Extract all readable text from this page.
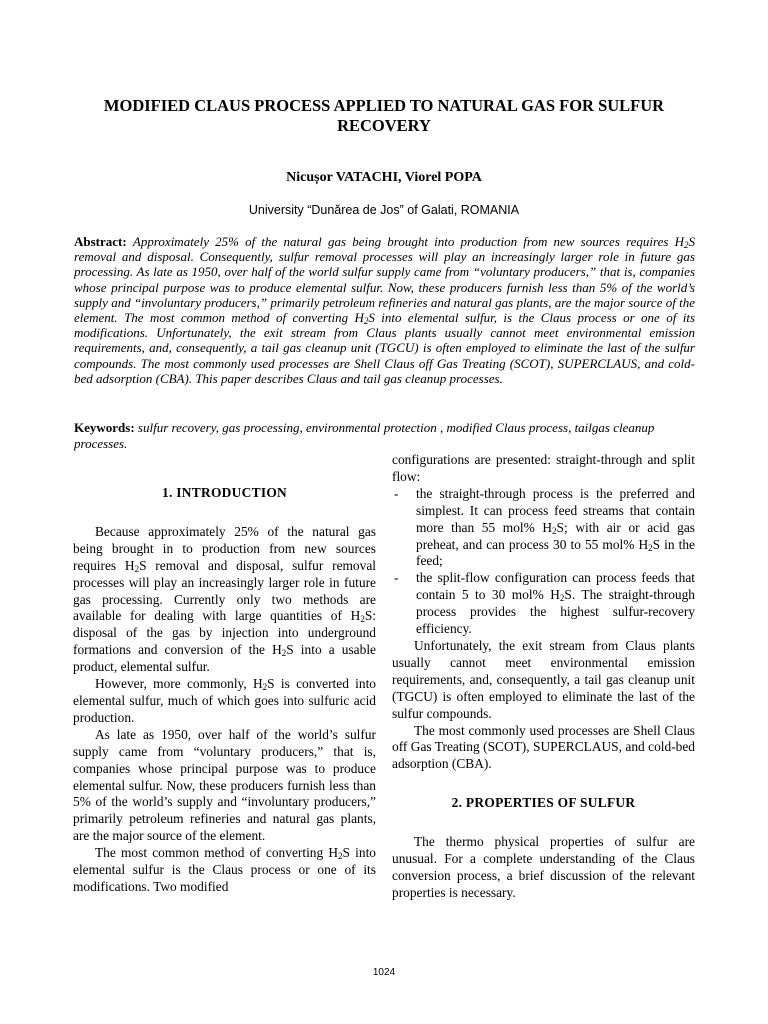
MODIFIED CLAUS PROCESS APPLIED TO NATURAL GAS FOR SULFUR
RECOVERY

Nicușor VATACHI, Viorel POPA

University “Dunărea de Jos” of Galati, ROMANIA

Abstract: Approximately 25% of the natural gas being brought into production from new sources requires $H_2S$ removal and disposal. Consequently, sulfur removal processes will play an increasingly larger role in future gas processing. As late as 1950, over half of the world sulfur supply came from “voluntary producers,” that is, companies whose principal purpose was to produce elemental sulfur. Now, these producers furnish less than 5% of the world’s supply and “involuntary producers,” primarily petroleum refineries and natural gas plants, are the major source of the element. The most common method of converting $H_2S$ into elemental sulfur, is the Claus process or one of its modifications. Unfortunately, the exit stream from Claus plants usually cannot meet environmental emission requirements, and, consequently, a tail gas cleanup unit (TGCU) is often employed to eliminate the last of the sulfur compounds. The most commonly used processes are Shell Claus off Gas Treating (SCOT), SUPERCLAUS, and cold-bed adsorption (CBA). This paper describes Claus and tail gas cleanup processes.

Keywords: sulfur recovery, gas processing, environmental protection , modified Claus process, tailgas cleanup processes.

1. INTRODUCTION

Because approximately 25% of the natural gas being brought in to production from new sources requires $H_2S$ removal and disposal, sulfur removal processes will play an increasingly larger role in future gas processing. Currently only two methods are available for dealing with large quantities of $H_2S$: disposal of the gas by injection into underground formations and conversion of the $H_2S$ into a usable product, elemental sulfur.

However, more commonly, $H_2S$ is converted into elemental sulfur, much of which goes into sulfuric acid production.

As late as 1950, over half of the world’s sulfur supply came from “voluntary producers,” that is, companies whose principal purpose was to produce elemental sulfur. Now, these producers furnish less than 5% of the world’s supply and “involuntary producers,” primarily petroleum refineries and natural gas plants, are the major source of the element.

The most common method of converting $H_2S$ into elemental sulfur is the Claus process or one of its modifications. Two modified

configurations are presented: straight-through and split flow:

- the straight-through process is the preferred and simplest. It can process feed streams that contain more than 55 mol% $H_2S$; with air or acid gas preheat, and can process 30 to 55 mol% $H_2S$ in the feed;
- the split-flow configuration can process feeds that contain 5 to 30 mol% $H_2S$. The straight-through process provides the highest sulfur-recovery efficiency.

Unfortunately, the exit stream from Claus plants usually cannot meet environmental emission requirements, and, consequently, a tail gas cleanup unit (TGCU) is often employed to eliminate the last of the sulfur compounds.

The most commonly used processes are Shell Claus off Gas Treating (SCOT), SUPERCLAUS, and cold-bed adsorption (CBA).

2. PROPERTIES OF SULFUR

The thermo physical properties of sulfur are unusual. For a complete understanding of the Claus conversion process, a brief discussion of the relevant properties is necessary.

1024
